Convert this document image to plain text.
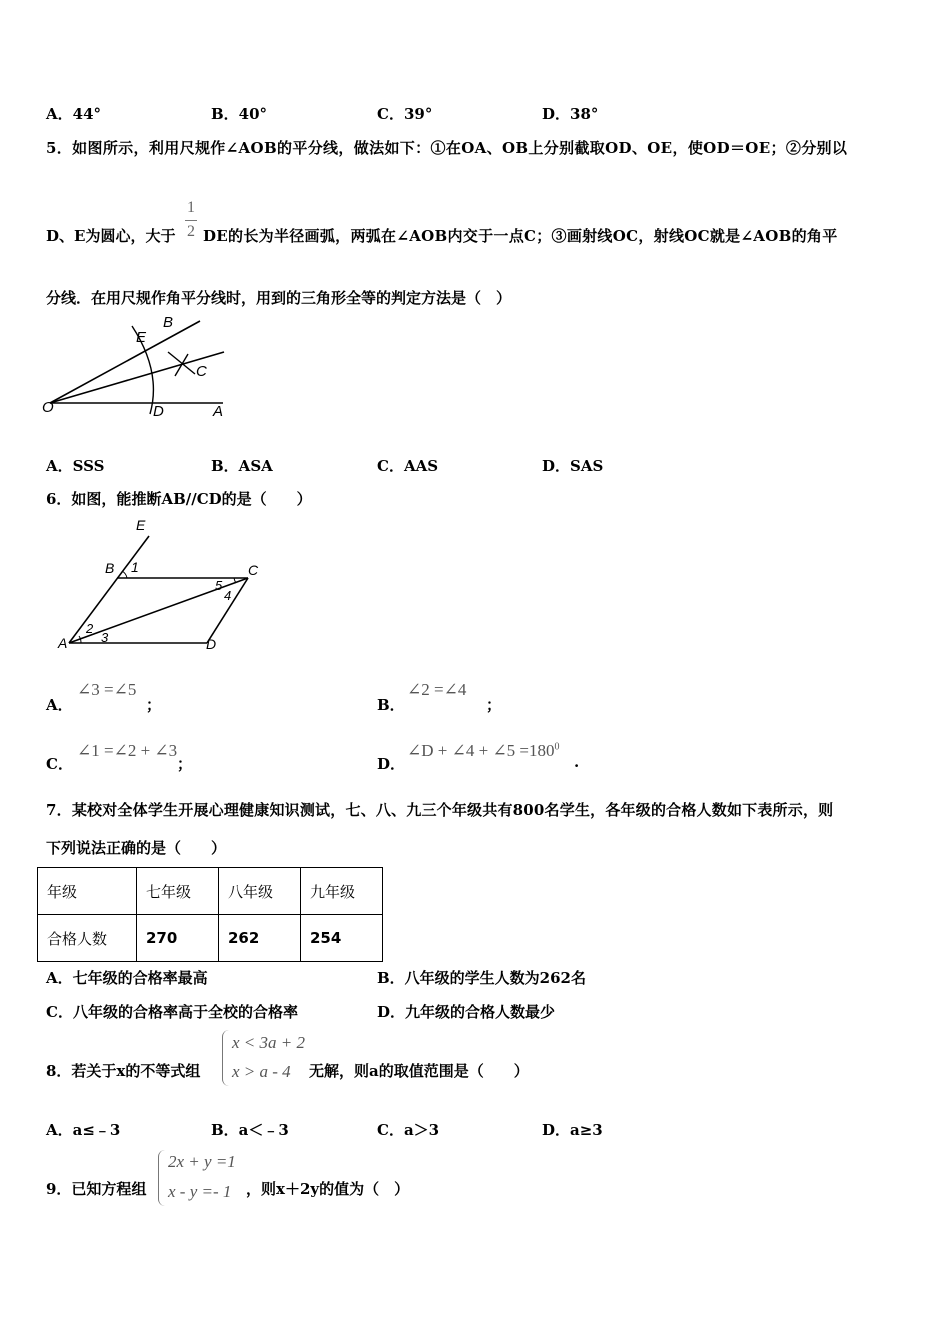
A．44°	B．40°	C．39°	D．38°
5．如图所示，利用尺规作∠AOB的平分线，做法如下：①在OA、OB上分别截取OD、OE，使OD＝OE；②分别以
D、E为圆心，大于
1
2 DE的长为半径画弧，两弧在∠AOB内交于一点C；③画射线OC，射线OC就是∠AOB的角平
分线．在用尺规作角平分线时，用到的三角形全等的判定方法是（　）
O	D	A
E
B
C
A．SSS	B．ASA	C．AAS	D．SAS
6．如图，能推断AB//CD的是（　　）
E
B 1	C
5
4
A
2
3	D
A．
∠3 =∠5
；	B．
∠2 =∠4
；
C．
∠1 =∠2 + ∠3
；	D．
∠D + ∠4 + ∠5 $=180^0$
.
7．某校对全体学生开展心理健康知识测试，七、八、九三个年级共有800名学生，各年级的合格人数如下表所示，则
下列说法正确的是（　　）
年级	七年级	八年级	九年级
合格人数	270	262	254
A．七年级的合格率最高	B．八年级的学生人数为262名
C．八年级的合格率高于全校的合格率	D．九年级的合格人数最少
8．若关于x的不等式组
x < 3a + 2
x > a - 4 无解，则a的取值范围是（　　）
A．a≤﹣3	B．a＜﹣3	C．a＞3	D．a≥3
9．已知方程组
2x + y =1
x - y =- 1 ，则x＋2y的值为（　）
